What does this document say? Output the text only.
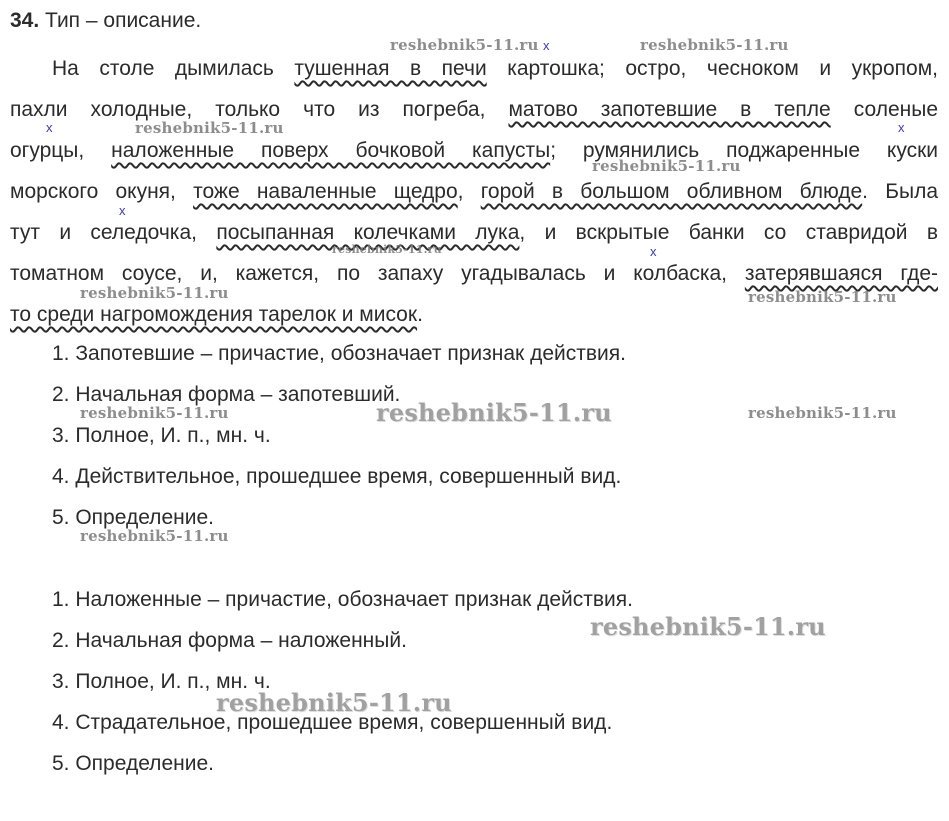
34. Тип – описание.

На столе дымилась тушенная в печи картошка; остро, чесноком и укропом,
пахли холодные, только что из погреба, матово запотевшие в тепле соленые
огурцы, наложенные поверх бочковой капусты; румянились поджаренные куски
морского окуня, тоже наваленные щедро, горой в большом обливном блюде. Была
тут и селедочка, посыпанная колечками лука, и вскрытые банки со ставридой в
томатном соусе, и, кажется, по запаху угадывалась и колбаска, затерявшаяся где-
то среди нагромождения тарелок и мисок.

1. Запотевшие – причастие, обозначает признак действия.
2. Начальная форма – запотевший.
3. Полное, И. п., мн. ч.
4. Действительное, прошедшее время, совершенный вид.
5. Определение.
1. Наложенные – причастие, обозначает признак действия.
2. Начальная форма – наложенный.
3. Полное, И. п., мн. ч.
4. Страдательное, прошедшее время, совершенный вид.
5. Определение.
x
x	x
x
x
reshebnik5-11.ru	reshebnik5-11.ru
reshebnik5-11.ru
reshebnik5-11.ru
reshebnik5-11.ru
reshebnik5-11.ru	reshebnik5-11.ru
reshebnik5-11.ru	reshebnik5-11.ru	reshebnik5-11.ru
reshebnik5-11.ru
reshebnik5-11.ru
reshebnik5-11.ru
